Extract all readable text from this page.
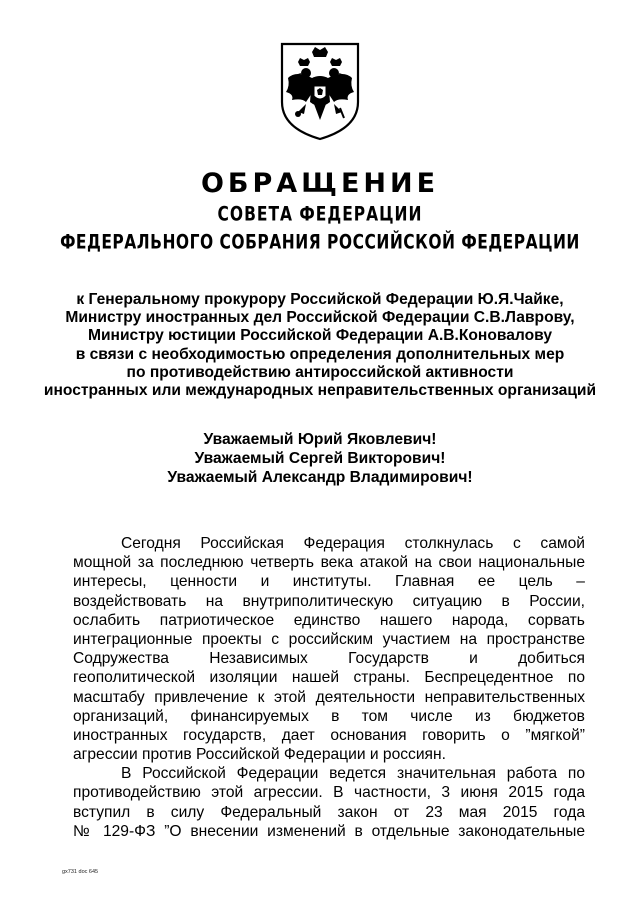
ОБРАЩЕНИЕ
СОВЕТА ФЕДЕРАЦИИ
ФЕДЕРАЛЬНОГО СОБРАНИЯ РОССИЙСКОЙ ФЕДЕРАЦИИ
к Генеральному прокурору Российской Федерации Ю.Я.Чайке,
Министру иностранных дел Российской Федерации С.В.Лаврову,
Министру юстиции Российской Федерации А.В.Коновалову
в связи с необходимостью определения дополнительных мер
по противодействию антироссийской активности
иностранных или международных неправительственных организаций
Уважаемый Юрий Яковлевич!
Уважаемый Сергей Викторович!
Уважаемый Александр Владимирович!
Сегодня Российская Федерация столкнулась с самой
мощной за последнюю четверть века атакой на свои национальные
интересы, ценности и институты. Главная ее цель –
воздействовать на внутриполитическую ситуацию в России,
ослабить патриотическое единство нашего народа, сорвать
интеграционные проекты с российским участием на пространстве
Содружества	Независимых	Государств	и	добиться
геополитической изоляции нашей страны. Беспрецедентное по
масштабу привлечение к этой деятельности неправительственных
организаций, финансируемых в том числе из бюджетов
иностранных государств, дает основания говорить о ”мягкой”
агрессии против Российской Федерации и россиян.
В Российской Федерации ведется значительная работа по
противодействию этой агрессии. В частности, 3 июня 2015 года
вступил в силу Федеральный закон от 23 мая 2015 года
№ 129-ФЗ ”О внесении изменений в отдельные законодательные
gx731 doc 645
